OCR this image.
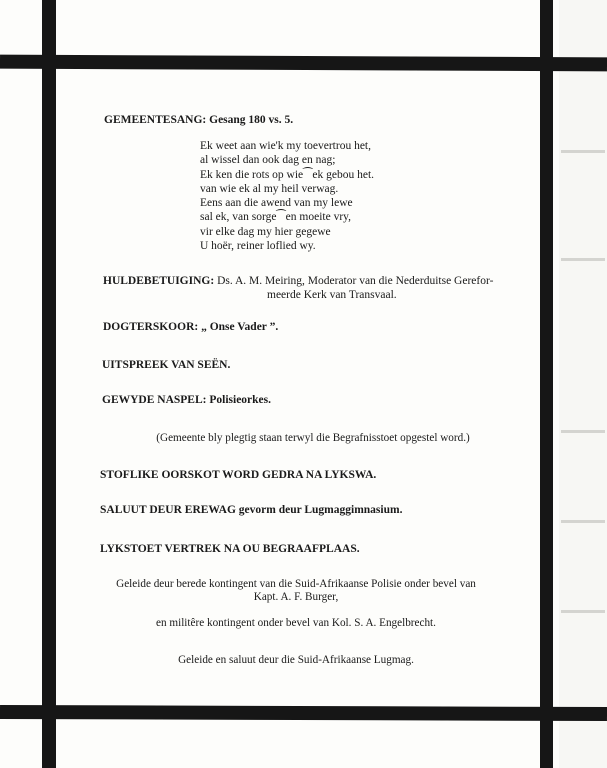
GEMEENTESANG: Gesang 180 vs. 5.
Ek weet aan wie'k my toevertrou het,
al wissel dan ook dag en nag;
Ek ken die rots op wie⁀ek gebou het.
van wie ek al my heil verwag.
Eens aan die awend van my lewe
sal ek, van sorge⁀en moeite vry,
vir elke dag my hier gegewe
U hoër, reiner loflied wy.
HULDEBETUIGING: Ds. A. M. Meiring, Moderator van die Nederduitse Gerefor-
meerde Kerk van Transvaal.
DOGTERSKOOR: „ Onse Vader ”.
UITSPREEK VAN SEËN.
GEWYDE NASPEL: Polisieorkes.
(Gemeente bly plegtig staan terwyl die Begrafnisstoet opgestel word.)
STOFLIKE OORSKOT WORD GEDRA NA LYKSWA.
SALUUT DEUR EREWAG gevorm deur Lugmaggimnasium.
LYKSTOET VERTREK NA OU BEGRAAFPLAAS.
Geleide deur berede kontingent van die Suid-Afrikaanse Polisie onder bevel van
Kapt. A. F. Burger,
en militêre kontingent onder bevel van Kol. S. A. Engelbrecht.
Geleide en saluut deur die Suid-Afrikaanse Lugmag.
